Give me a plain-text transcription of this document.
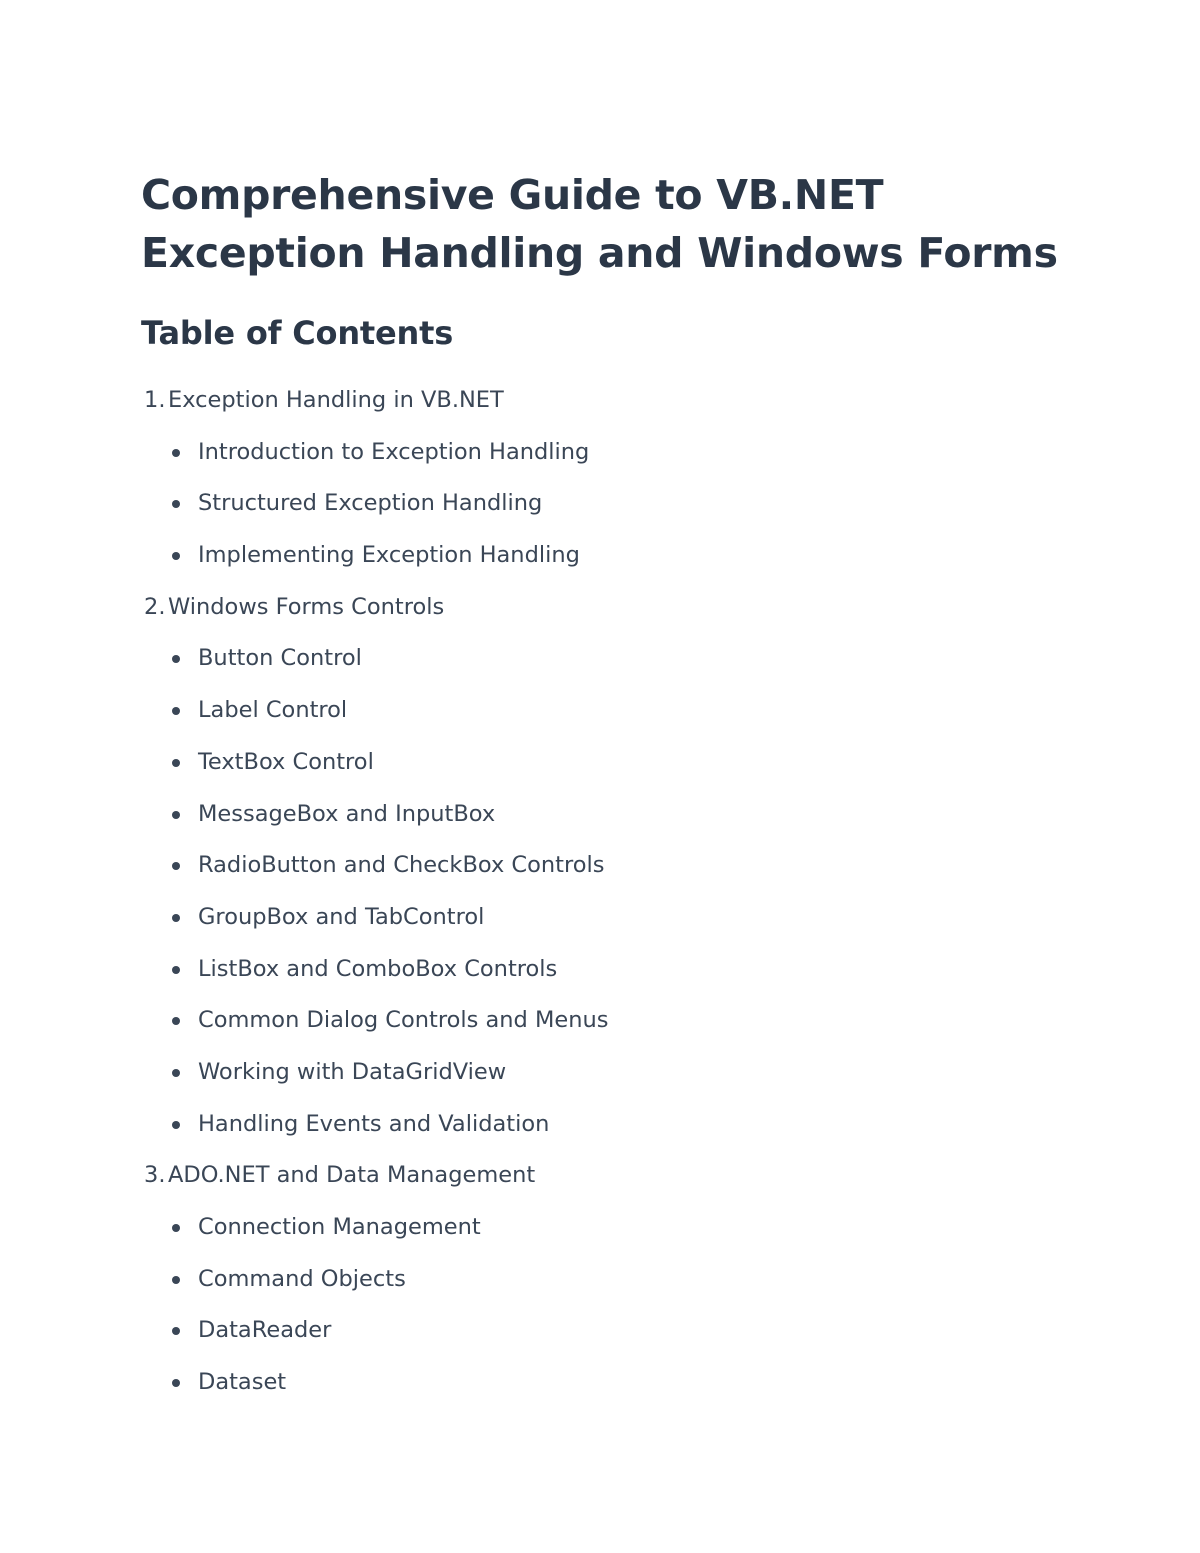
Comprehensive Guide to VB.NET
Exception Handling and Windows Forms
Table of Contents
1. Exception Handling in VB.NET
Introduction to Exception Handling
Structured Exception Handling
Implementing Exception Handling
2. Windows Forms Controls
Button Control
Label Control
TextBox Control
MessageBox and InputBox
RadioButton and CheckBox Controls
GroupBox and TabControl
ListBox and ComboBox Controls
Common Dialog Controls and Menus
Working with DataGridView
Handling Events and Validation
3. ADO.NET and Data Management
Connection Management
Command Objects
DataReader
Dataset
